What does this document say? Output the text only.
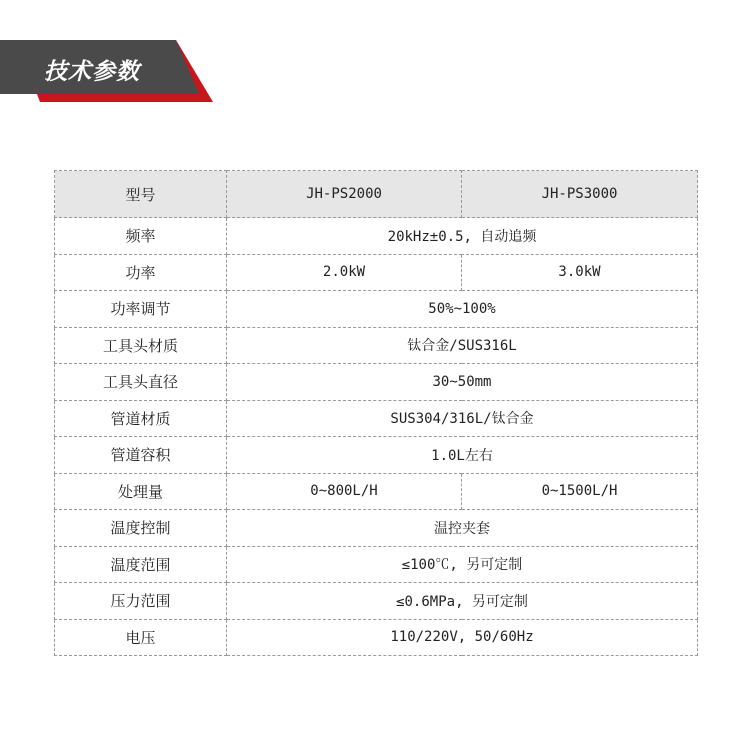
技术参数
型号	JH-PS2000	JH-PS3000
频率	20kHz±0.5, 自动追频	
功率	2.0kW	3.0kW
功率调节	50%~100%	
工具头材质	钛合金/SUS316L	
工具头直径	30~50mm	
管道材质	SUS304/316L/钛合金	
管道容积	1.0L左右	
处理量	0~800L/H	0~1500L/H
温度控制	温控夹套	
温度范围	≤100℃, 另可定制	
压力范围	≤0.6MPa, 另可定制	
电压	110/220V, 50/60Hz	
